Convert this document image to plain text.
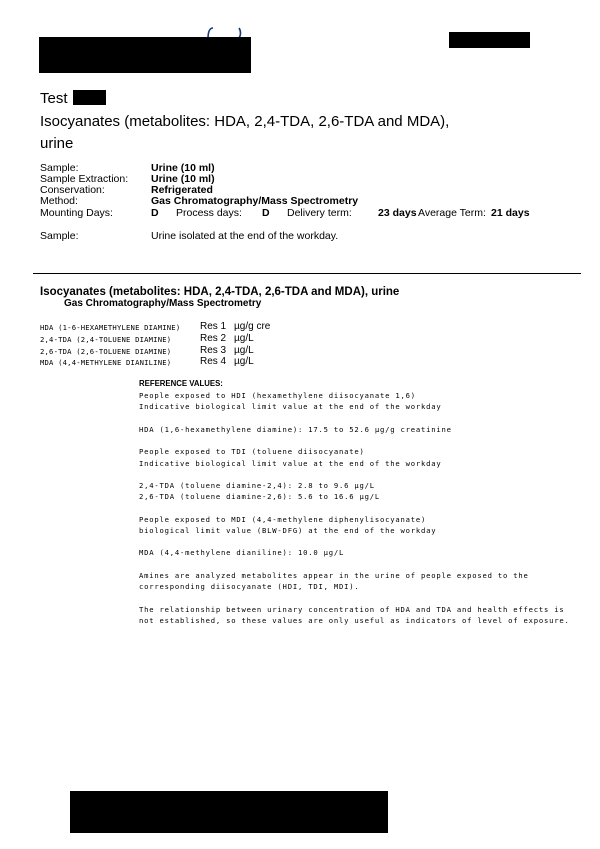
Test
Isocyanates (metabolites: HDA, 2,4-TDA, 2,6-TDA and MDA),
urine
Sample:	Urine (10 ml)
Sample Extraction: Urine (10 ml)
Conservation:	Refrigerated
Method:	Gas Chromatography/Mass Spectrometry
Mounting Days:	D Process days: D Delivery term: 23 days Average Term: 21 days
Sample:	Urine isolated at the end of the workday.
Isocyanates (metabolites: HDA, 2,4-TDA, 2,6-TDA and MDA), urine
Gas Chromatography/Mass Spectrometry
HDA (1-6-HEXAMETHYLENE DIAMINE) Res 1 µg/g cre
2,4-TDA (2,4-TOLUENE DIAMINE)	Res 2 µg/L
2,6-TDA (2,6-TOLUENE DIAMINE)	Res 3 µg/L
MDA (4,4-METHYLENE DIANILINE)	Res 4 µg/L
REFERENCE VALUES:
People exposed to HDI (hexamethylene diisocyanate 1,6)
Indicative biological limit value at the end of the workday
HDA (1,6-hexamethylene diamine): 17.5 to 52.6 µg/g creatinine
People exposed to TDI (toluene diisocyanate)
Indicative biological limit value at the end of the workday
2,4-TDA (toluene diamine-2,4): 2.8 to 9.6 µg/L
2,6-TDA (toluene diamine-2,6): 5.6 to 16.6 µg/L
People exposed to MDI (4,4-methylene diphenylisocyanate)
biological limit value (BLW-DFG) at the end of the workday
MDA (4,4-methylene dianiline): 10.0 µg/L
Amines are analyzed metabolites appear in the urine of people exposed to the
corresponding diisocyanate (HDI, TDI, MDI).
The relationship between urinary concentration of HDA and TDA and health effects is
not established, so these values are only useful as indicators of level of exposure.
